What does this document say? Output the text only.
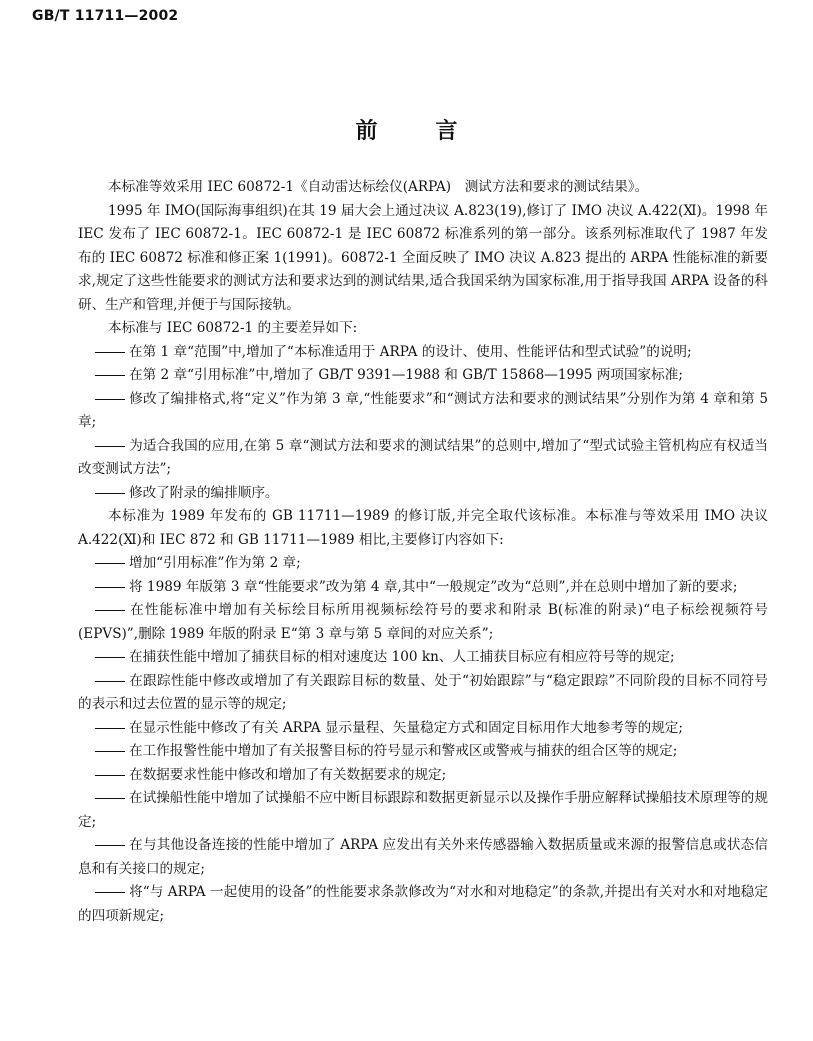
GB/T 11711—2002
前	言

本标准等效采用 IEC 60872-1《自动雷达标绘仪(ARPA)　测试方法和要求的测试结果》。

1995 年 IMO(国际海事组织)在其 19 届大会上通过决议 A.823(19),修订了 IMO 决议 A.422(Ⅺ)。1998 年 IEC 发布了 IEC 60872-1。IEC 60872-1 是 IEC 60872 标准系列的第一部分。该系列标准取代了 1987 年发布的 IEC 60872 标准和修正案 1(1991)。60872-1 全面反映了 IMO 决议 A.823 提出的 ARPA 性能标准的新要求,规定了这些性能要求的测试方法和要求达到的测试结果,适合我国采纳为国家标准,用于指导我国 ARPA 设备的科研、生产和管理,并便于与国际接轨。

本标准与 IEC 60872-1 的主要差异如下:

在第 1 章“范围”中,增加了“本标准适用于 ARPA 的设计、使用、性能评估和型式试验”的说明;

在第 2 章“引用标准”中,增加了 GB/T 9391—1988 和 GB/T 15868—1995 两项国家标准;

修改了编排格式,将“定义”作为第 3 章,“性能要求”和“测试方法和要求的测试结果”分别作为第 4 章和第 5 章;

为适合我国的应用,在第 5 章“测试方法和要求的测试结果”的总则中,增加了“型式试验主管机构应有权适当改变测试方法”;

修改了附录的编排顺序。

本标准为 1989 年发布的 GB 11711—1989 的修订版,并完全取代该标准。本标准与等效采用 IMO 决议 A.422(Ⅺ)和 IEC 872 和 GB 11711—1989 相比,主要修订内容如下:

增加“引用标准”作为第 2 章;

将 1989 年版第 3 章“性能要求”改为第 4 章,其中“一般规定”改为“总则”,并在总则中增加了新的要求;

在性能标准中增加有关标绘目标所用视频标绘符号的要求和附录 B(标准的附录)“电子标绘视频符号(EPVS)”,删除 1989 年版的附录 E“第 3 章与第 5 章间的对应关系”;

在捕获性能中增加了捕获目标的相对速度达 100 kn、人工捕获目标应有相应符号等的规定;

在跟踪性能中修改或增加了有关跟踪目标的数量、处于“初始跟踪”与“稳定跟踪”不同阶段的目标不同符号的表示和过去位置的显示等的规定;

在显示性能中修改了有关 ARPA 显示量程、矢量稳定方式和固定目标用作大地参考等的规定;

在工作报警性能中增加了有关报警目标的符号显示和警戒区或警戒与捕获的组合区等的规定;

在数据要求性能中修改和增加了有关数据要求的规定;

在试操船性能中增加了试操船不应中断目标跟踪和数据更新显示以及操作手册应解释试操船技术原理等的规定;

在与其他设备连接的性能中增加了 ARPA 应发出有关外来传感器输入数据质量或来源的报警信息或状态信息和有关接口的规定;

将“与 ARPA 一起使用的设备”的性能要求条款修改为“对水和对地稳定”的条款,并提出有关对水和对地稳定的四项新规定;
